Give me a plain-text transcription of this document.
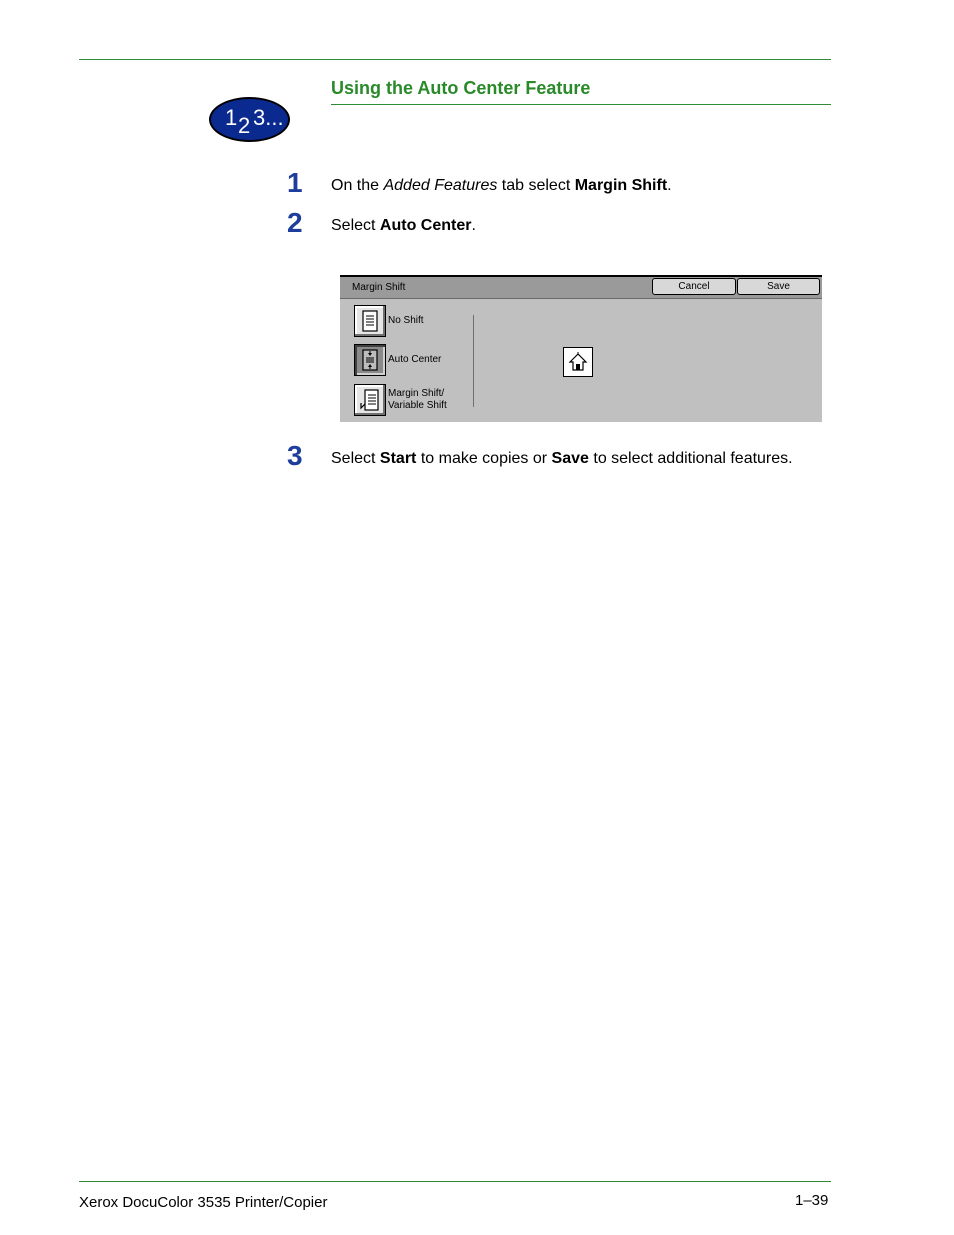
Using the Auto Center Feature
1 2 3...
1 On the Added Features tab select Margin Shift.
2 Select Auto Center.
Margin Shift	Cancel	Save
No Shift
Auto Center
Margin Shift/
Variable Shift
3 Select Start to make copies or Save to select additional features.
Xerox DocuColor 3535 Printer/Copier	1–39
